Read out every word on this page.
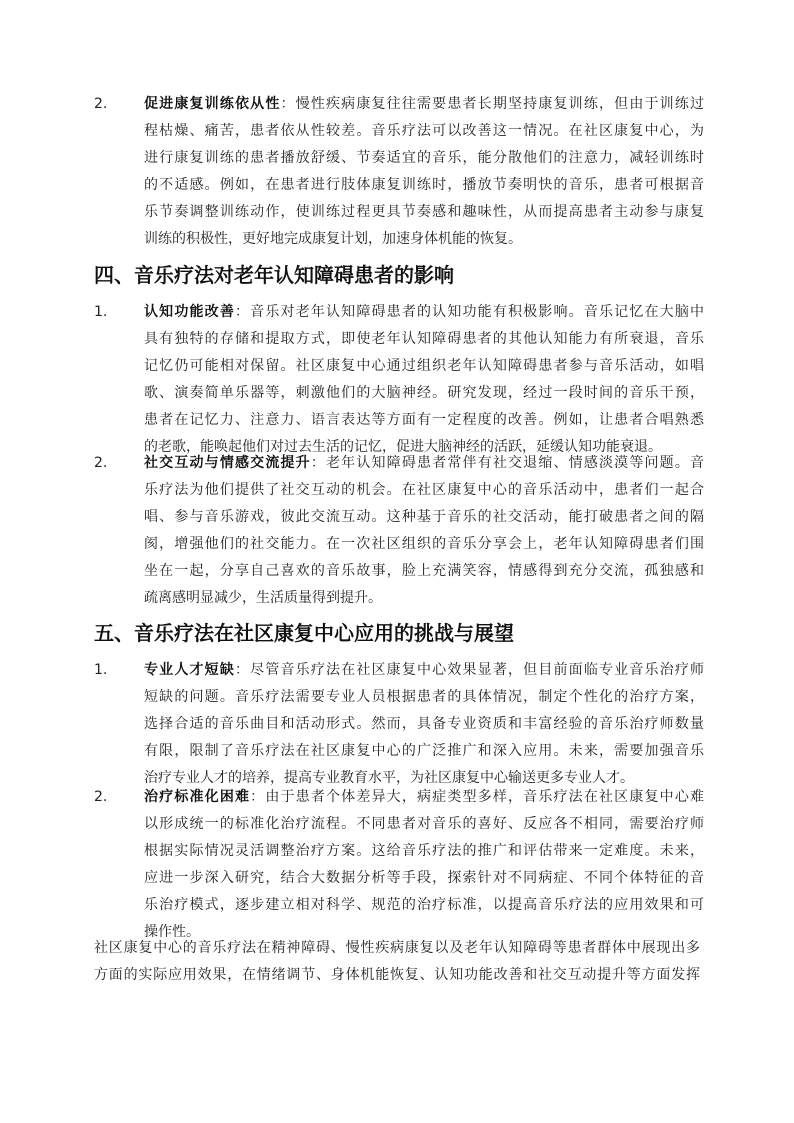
2.	促进康复训练依从性：慢性疾病康复往往需要患者长期坚持康复训练，但由于训练过
程枯燥、痛苦，患者依从性较差。音乐疗法可以改善这一情况。在社区康复中心，为
进行康复训练的患者播放舒缓、节奏适宜的音乐，能分散他们的注意力，减轻训练时
的不适感。例如，在患者进行肢体康复训练时，播放节奏明快的音乐，患者可根据音
乐节奏调整训练动作，使训练过程更具节奏感和趣味性，从而提高患者主动参与康复
训练的积极性，更好地完成康复计划，加速身体机能的恢复。
四、音乐疗法对老年认知障碍患者的影响
1.	认知功能改善：音乐对老年认知障碍患者的认知功能有积极影响。音乐记忆在大脑中
具有独特的存储和提取方式，即使老年认知障碍患者的其他认知能力有所衰退，音乐
记忆仍可能相对保留。社区康复中心通过组织老年认知障碍患者参与音乐活动，如唱
歌、演奏简单乐器等，刺激他们的大脑神经。研究发现，经过一段时间的音乐干预，
患者在记忆力、注意力、语言表达等方面有一定程度的改善。例如，让患者合唱熟悉
的老歌，能唤起他们对过去生活的记忆，促进大脑神经的活跃，延缓认知功能衰退。
2.	社交互动与情感交流提升：老年认知障碍患者常伴有社交退缩、情感淡漠等问题。音
乐疗法为他们提供了社交互动的机会。在社区康复中心的音乐活动中，患者们一起合
唱、参与音乐游戏，彼此交流互动。这种基于音乐的社交活动，能打破患者之间的隔
阂，增强他们的社交能力。在一次社区组织的音乐分享会上，老年认知障碍患者们围
坐在一起，分享自己喜欢的音乐故事，脸上充满笑容，情感得到充分交流，孤独感和
疏离感明显减少，生活质量得到提升。
五、音乐疗法在社区康复中心应用的挑战与展望
1.	专业人才短缺：尽管音乐疗法在社区康复中心效果显著，但目前面临专业音乐治疗师
短缺的问题。音乐疗法需要专业人员根据患者的具体情况，制定个性化的治疗方案，
选择合适的音乐曲目和活动形式。然而，具备专业资质和丰富经验的音乐治疗师数量
有限，限制了音乐疗法在社区康复中心的广泛推广和深入应用。未来，需要加强音乐
治疗专业人才的培养，提高专业教育水平，为社区康复中心输送更多专业人才。
2.	治疗标准化困难：由于患者个体差异大，病症类型多样，音乐疗法在社区康复中心难
以形成统一的标准化治疗流程。不同患者对音乐的喜好、反应各不相同，需要治疗师
根据实际情况灵活调整治疗方案。这给音乐疗法的推广和评估带来一定难度。未来，
应进一步深入研究，结合大数据分析等手段，探索针对不同病症、不同个体特征的音
乐治疗模式，逐步建立相对科学、规范的治疗标准，以提高音乐疗法的应用效果和可
操作性。
社区康复中心的音乐疗法在精神障碍、慢性疾病康复以及老年认知障碍等患者群体中展现出多
方面的实际应用效果，在情绪调节、身体机能恢复、认知功能改善和社交互动提升等方面发挥
